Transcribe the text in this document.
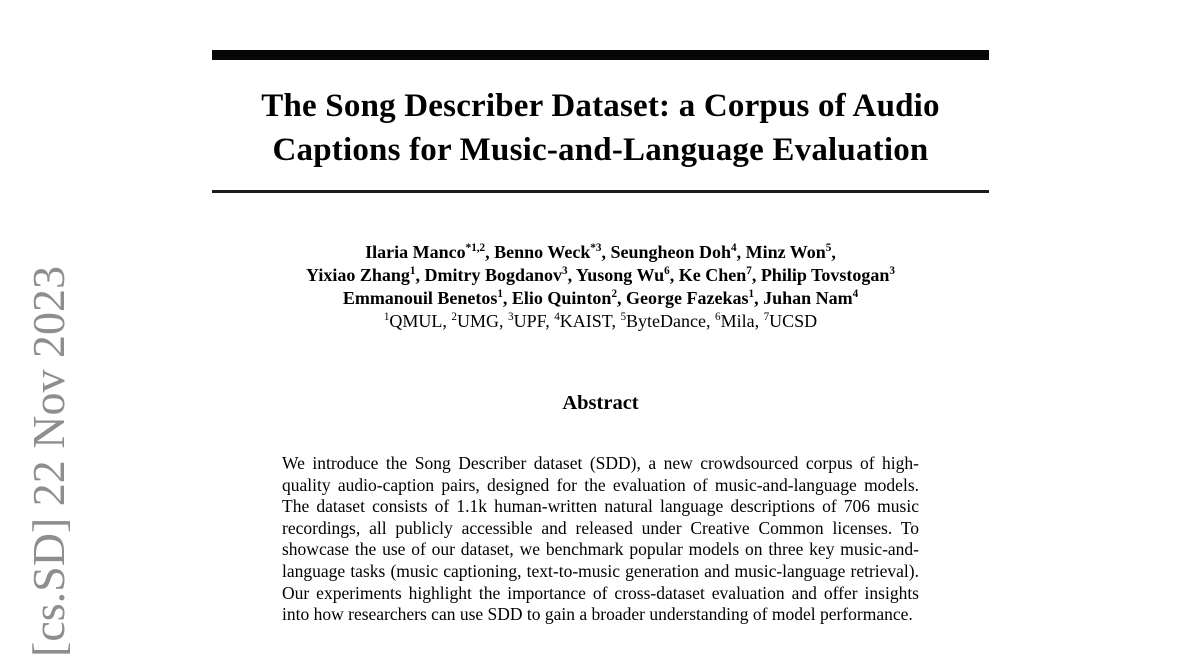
[cs.SD] 22 Nov 2023
The Song Describer Dataset: a Corpus of Audio
Captions for Music-and-Language Evaluation
Ilaria Manco$^{*1,2}$, Benno Weck$^{*3}$, Seungheon Doh$^4$, Minz Won$^5$,
Yixiao Zhang$^1$, Dmitry Bogdanov$^3$, Yusong Wu$^6$, Ke Chen$^7$, Philip Tovstogan$^3$
Emmanouil Benetos$^1$, Elio Quinton$^2$, George Fazekas$^1$, Juhan Nam$^4$
$^1$QMUL, $^2$UMG, $^3$UPF, $^4$KAIST, $^5$ByteDance, $^6$Mila, $^7$UCSD
Abstract
We introduce the Song Describer dataset (SDD), a new crowdsourced corpus of high-quality audio-caption pairs, designed for the evaluation of music-and-language models. The dataset consists of 1.1k human-written natural language descriptions of 706 music recordings, all publicly accessible and released under Creative Common licenses. To showcase the use of our dataset, we benchmark popular models on three key music-and-language tasks (music captioning, text-to-music generation and music-language retrieval). Our experiments highlight the importance of cross-dataset evaluation and offer insights into how researchers can use SDD to gain a broader understanding of model performance.
